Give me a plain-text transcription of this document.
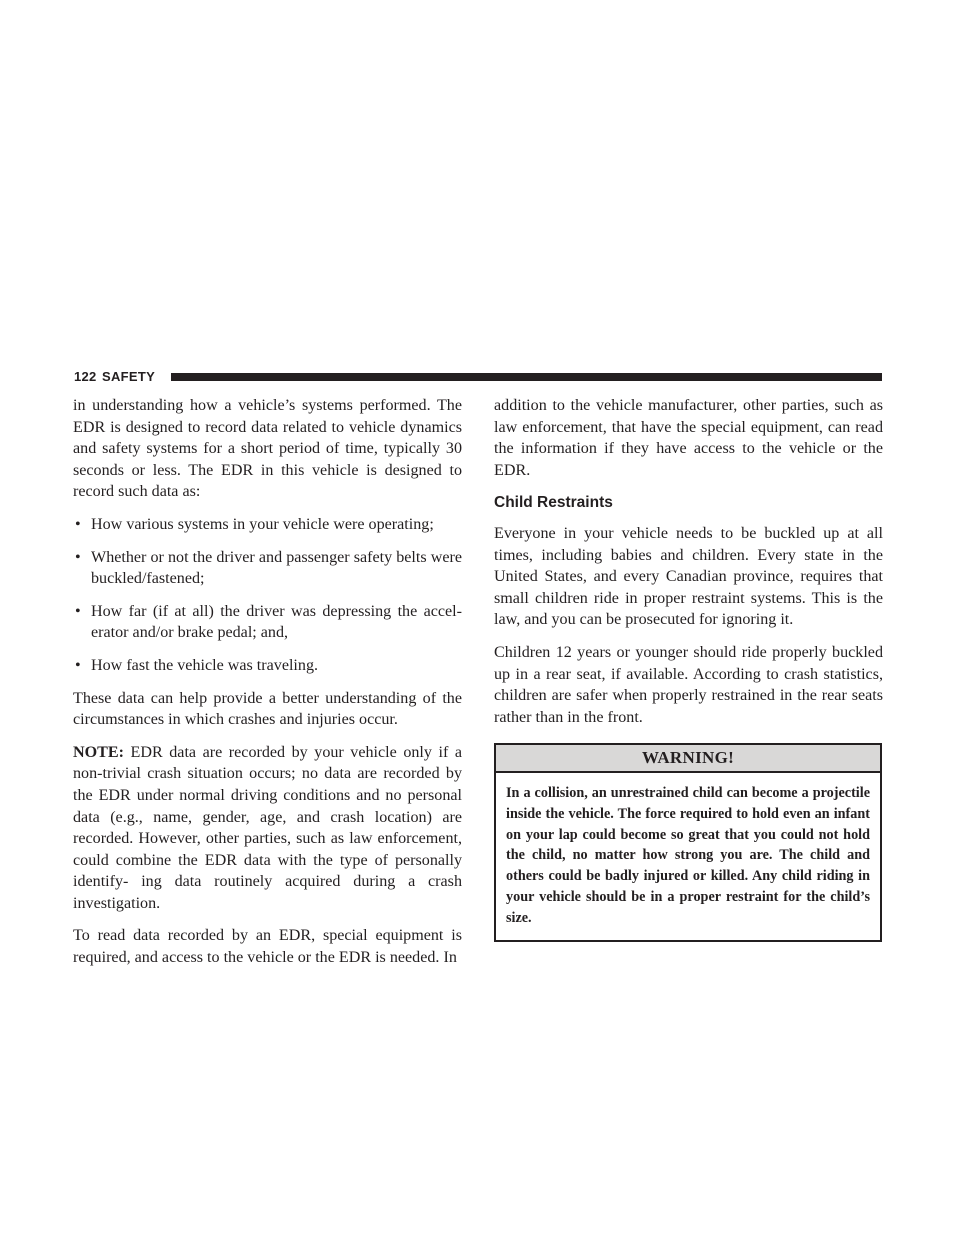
122 SAFETY

in understanding how a vehicle’s systems performed. The EDR is designed to record data related to vehicle dynamics and safety systems for a short period of time, typically 30 seconds or less. The EDR in this vehicle is designed to record such data as:

• How various systems in your vehicle were operating;
• Whether or not the driver and passenger safety belts were buckled/fastened;
• How far (if at all) the driver was depressing the accel- erator and/or brake pedal; and,
• How fast the vehicle was traveling.

These data can help provide a better understanding of the circumstances in which crashes and injuries occur.

NOTE: EDR data are recorded by your vehicle only if a non-trivial crash situation occurs; no data are recorded by the EDR under normal driving conditions and no personal data (e.g., name, gender, age, and crash location) are recorded. However, other parties, such as law enforcement, could combine the EDR data with the type of personally identify- ing data routinely acquired during a crash investigation.

To read data recorded by an EDR, special equipment is required, and access to the vehicle or the EDR is needed. In

addition to the vehicle manufacturer, other parties, such as law enforcement, that have the special equipment, can read the information if they have access to the vehicle or the EDR.

Child Restraints

Everyone in your vehicle needs to be buckled up at all times, including babies and children. Every state in the United States, and every Canadian province, requires that small children ride in proper restraint systems. This is the law, and you can be prosecuted for ignoring it.

Children 12 years or younger should ride properly buckled up in a rear seat, if available. According to crash statistics, children are safer when properly restrained in the rear seats rather than in the front.

WARNING!
In a collision, an unrestrained child can become a projectile inside the vehicle. The force required to hold even an infant on your lap could become so great that you could not hold the child, no matter how strong you are. The child and others could be badly injured or killed. Any child riding in your vehicle should be in a proper restraint for the child’s size.
